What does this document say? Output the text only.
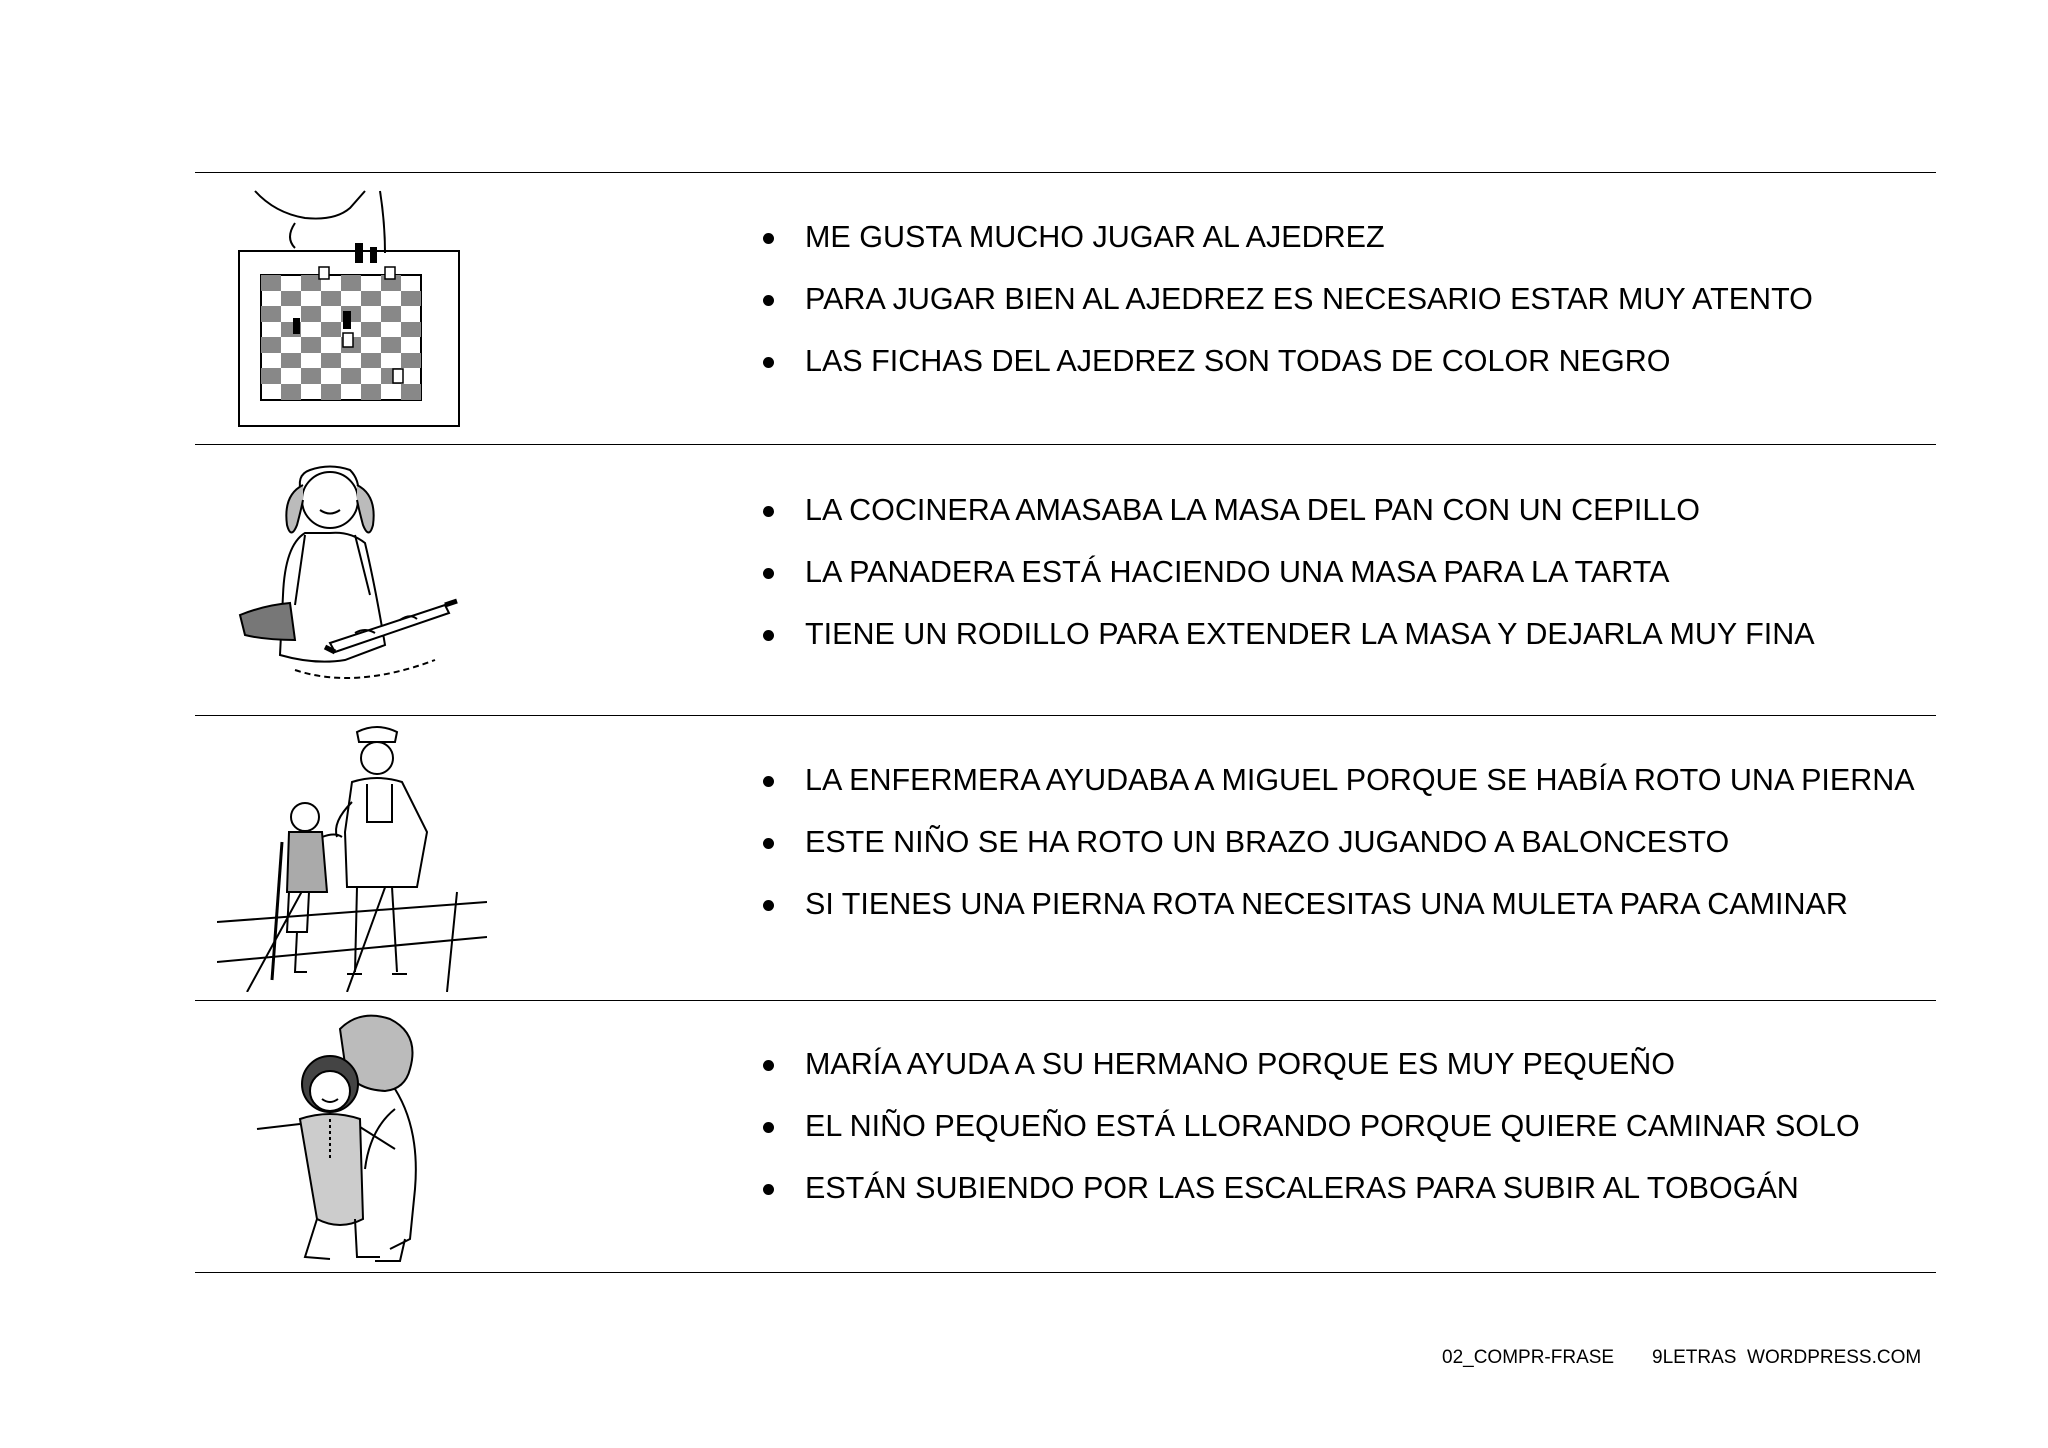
ME GUSTA MUCHO JUGAR AL AJEDREZ
PARA JUGAR BIEN AL AJEDREZ ES NECESARIO ESTAR MUY ATENTO
LAS FICHAS DEL AJEDREZ SON TODAS DE COLOR NEGRO
LA COCINERA AMASABA LA MASA DEL PAN CON UN CEPILLO
LA PANADERA ESTÁ HACIENDO UNA MASA PARA LA TARTA
TIENE UN RODILLO PARA EXTENDER LA MASA Y DEJARLA MUY FINA
LA ENFERMERA AYUDABA A MIGUEL PORQUE SE HABÍA ROTO UNA PIERNA
ESTE NIÑO SE HA ROTO UN BRAZO JUGANDO A BALONCESTO
SI TIENES UNA PIERNA ROTA NECESITAS UNA MULETA PARA CAMINAR
MARÍA AYUDA A SU HERMANO PORQUE ES MUY PEQUEÑO
EL NIÑO PEQUEÑO ESTÁ LLORANDO PORQUE QUIERE CAMINAR SOLO
ESTÁN SUBIENDO POR LAS ESCALERAS PARA SUBIR AL TOBOGÁN
02_COMPR-FRASE 9LETRAS  WORDPRESS.COM
